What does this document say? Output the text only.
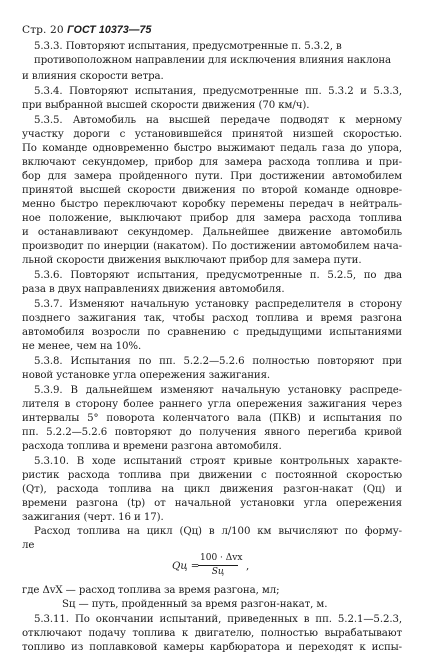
Стр. 20 ГОСТ 10373—75
5.3.3. Повторяют испытания, предусмотренные п. 5.3.2, в противоположном направлении для исключения влияния наклона
и влияния скорости ветра.
5.3.4. Повторяют испытания, предусмотренные пп. 5.3.2 и 5.3.3,
при выбранной высшей скорости движения (70 км/ч).
5.3.5. Автомобиль на высшей передаче подводят к мерному
участку дороги с установившейся принятой низшей скоростью.
По команде одновременно быстро выжимают педаль газа до упора,
включают секундомер, прибор для замера расхода топлива и при-
бор для замера пройденного пути. При достижении автомобилем
принятой высшей скорости движения по второй команде одновре-
менно быстро переключают коробку перемены передач в нейтраль-
ное положение, выключают прибор для замера расхода топлива
и останавливают секундомер. Дальнейшее движение автомобиль
производит по инерции (накатом). По достижении автомобилем нача-
льной скорости движения выключают прибор для замера пути.
5.3.6. Повторяют испытания, предусмотренные п. 5.2.5, по два
раза в двух направлениях движения автомобиля.
5.3.7. Изменяют начальную установку распределителя в сторону
позднего зажигания так, чтобы расход топлива и время разгона
автомобиля возросли по сравнению с предыдущими испытаниями
не менее, чем на 10%.
5.3.8. Испытания по пп. 5.2.2—5.2.6 полностью повторяют при
новой установке угла опережения зажигания.
5.3.9. В дальнейшем изменяют начальную установку распреде-
лителя в сторону более раннего угла опережения зажигания через
интервалы 5° поворота коленчатого вала (ПКВ) и испытания по
пп. 5.2.2—5.2.6 повторяют до получения явного перегиба кривой
расхода топлива и времени разгона автомобиля.
5.3.10. В ходе испытаний строят кривые контрольных характе-
ристик расхода топлива при движении с постоянной скоростью
(Qт), расхода топлива на цикл движения разгон-накат (Qц) и
времени разгона (tр) от начальной установки угла опережения
зажигания (черт. 16 и 17).
Расход топлива на цикл (Qц) в л/100 км вычисляют по форму-
ле
Qц =
100 · Δvх
Sц	,
где ΔvХ — расход топлива за время разгона, мл;
Sц — путь, пройденный за время разгон-накат, м.
5.3.11. По окончании испытаний, приведенных в пп. 5.2.1—5.2.3,
отключают подачу топлива к двигателю, полностью вырабатывают
топливо из поплавковой камеры карбюратора и переходят к испы-
